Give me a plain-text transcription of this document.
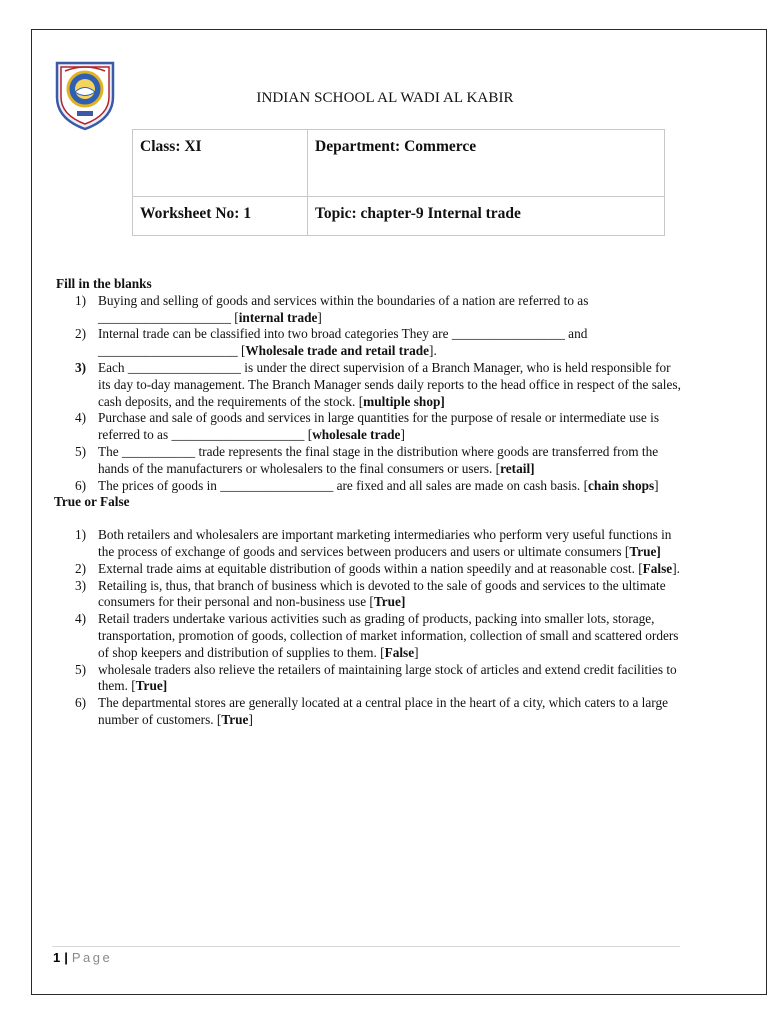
INDIAN SCHOOL AL WADI AL KABIR
Class: XI	Department: Commerce
Worksheet No: 1	Topic: chapter-9 Internal trade
Fill in the blanks
1) Buying and selling of goods and services within the boundaries of a nation are referred to as ____________________ [internal trade]
2) Internal trade can be classified into two broad categories They are _________________ and _____________________ [Wholesale trade and retail trade].
3) Each _________________ is under the direct supervision of a Branch Manager, who is held responsible for its day to-day management. The Branch Manager sends daily reports to the head office in respect of the sales, cash deposits, and the requirements of the stock. [multiple shop]
4) Purchase and sale of goods and services in large quantities for the purpose of resale or intermediate use is referred to as ____________________ [wholesale trade]
5) The ___________ trade represents the final stage in the distribution where goods are transferred from the hands of the manufacturers or wholesalers to the final consumers or users. [retail]
6) The prices of goods in _________________ are fixed and all sales are made on cash basis. [chain shops]
True or False
1) Both retailers and wholesalers are important marketing intermediaries who perform very useful functions in the process of exchange of goods and services between producers and users or ultimate consumers [True]
2) External trade aims at equitable distribution of goods within a nation speedily and at reasonable cost. [False].
3) Retailing is, thus, that branch of business which is devoted to the sale of goods and services to the ultimate consumers for their personal and non-business use [True]
4) Retail traders undertake various activities such as grading of products, packing into smaller lots, storage, transportation, promotion of goods, collection of market information, collection of small and scattered orders of shop keepers and distribution of supplies to them. [False]
5) wholesale traders also relieve the retailers of maintaining large stock of articles and extend credit facilities to them. [True]
6) The departmental stores are generally located at a central place in the heart of a city, which caters to a large number of customers. [True]
1 | Page
